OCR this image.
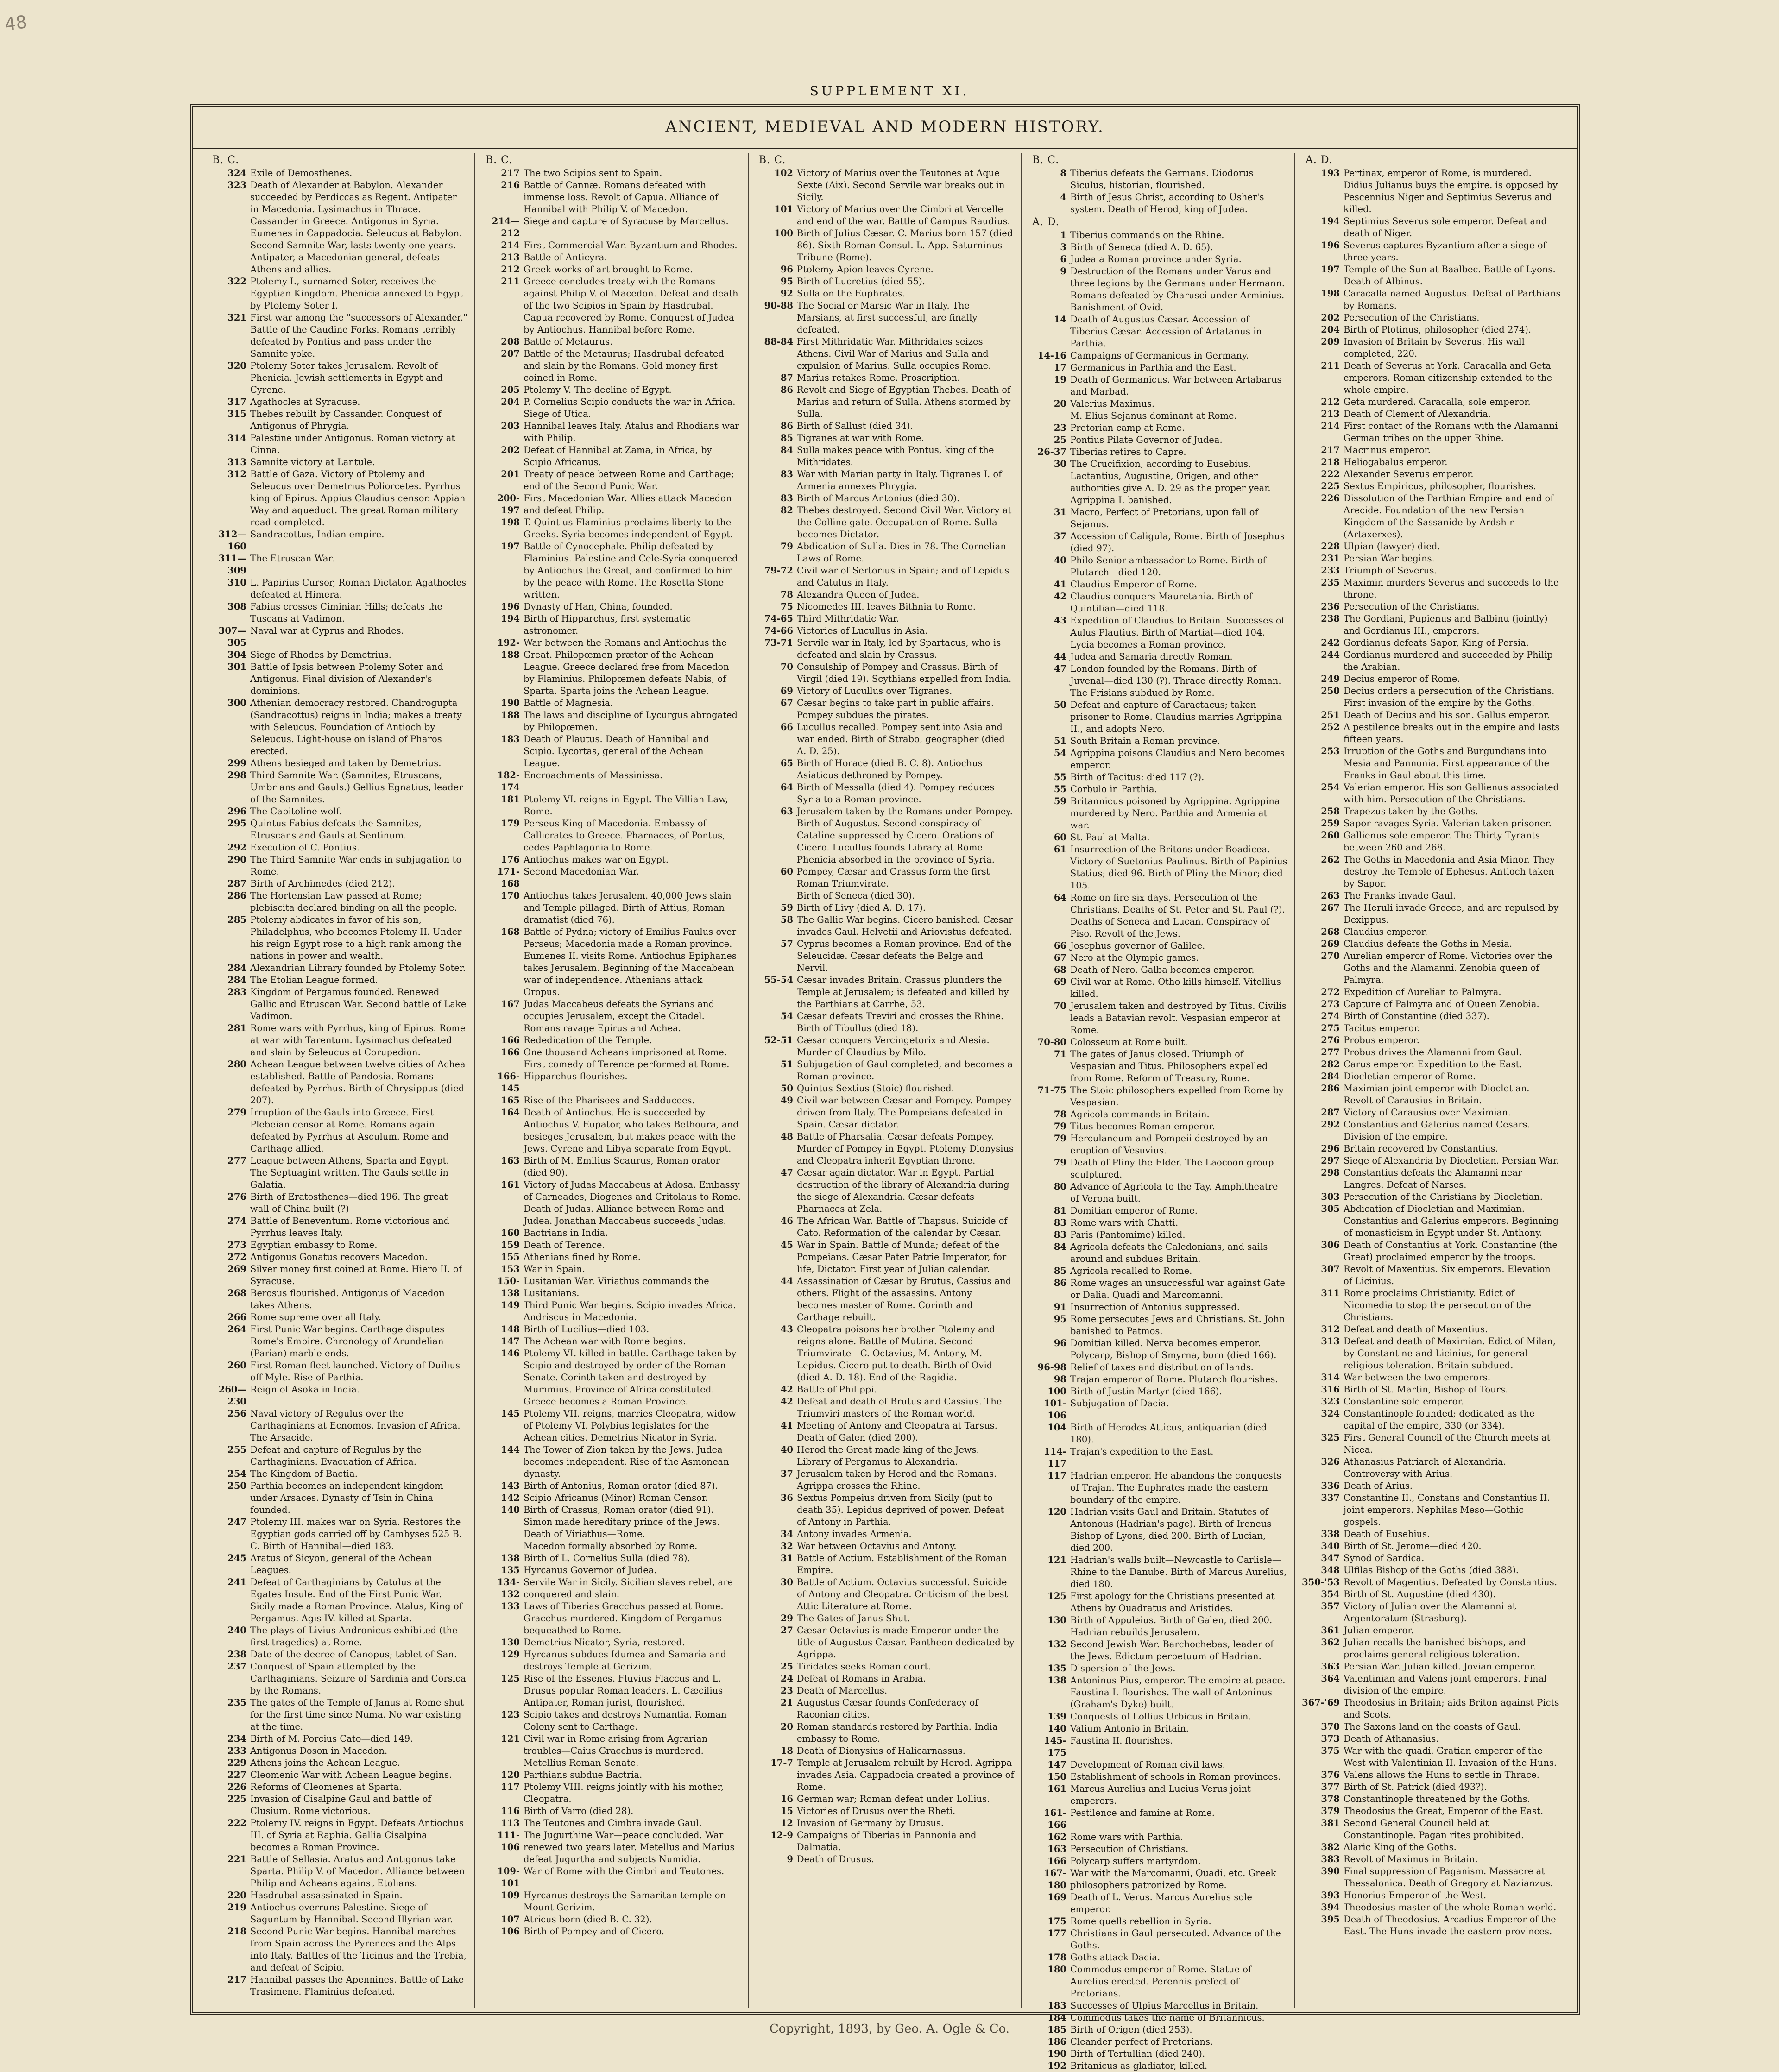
48
SUPPLEMENT XI.
ANCIENT, MEDIEVAL AND MODERN HISTORY.
B. C.
324 Exile of Demosthenes.
323 Death of Alexander at Babylon. Alexander succeeded by Perdiccas as Regent. Antipater in Macedonia. Lysimachus in Thrace. Cassander in Greece. Antigonus in Syria. Eumenes in Cappadocia. Seleucus at Babylon.
Second Samnite War, lasts twenty-one years.
Antipater, a Macedonian general, defeats Athens and allies.
322 Ptolemy I., surnamed Soter, receives the Egyptian Kingdom. Phenicia annexed to Egypt by Ptolemy Soter I.
321 First war among the "successors of Alexander." Battle of the Caudine Forks. Romans terribly defeated by Pontius and pass under the Samnite yoke.
320 Ptolemy Soter takes Jerusalem. Revolt of Phenicia. Jewish settlements in Egypt and Cyrene.
317 Agathocles at Syracuse.
315 Thebes rebuilt by Cassander. Conquest of Antigonus of Phrygia.
314 Palestine under Antigonus. Roman victory at Cinna.
313 Samnite victory at Lantule.
312 Battle of Gaza. Victory of Ptolemy and Seleucus over Demetrius Poliorcetes. Pyrrhus king of Epirus. Appius Claudius censor. Appian Way and aqueduct. The great Roman military road completed.
312—160
Sandracottus, Indian empire.
311—309
The Etruscan War.
310 L. Papirius Cursor, Roman Dictator. Agathocles defeated at Himera.
308 Fabius crosses Ciminian Hills; defeats the Tuscans at Vadimon.
307—305
Naval war at Cyprus and Rhodes.
304 Siege of Rhodes by Demetrius.
301 Battle of Ipsis between Ptolemy Soter and Antigonus. Final division of Alexander's dominions.
300 Athenian democracy restored. Chandrogupta (Sandracottus) reigns in India; makes a treaty with Seleucus. Foundation of Antioch by Seleucus. Light-house on island of Pharos erected.
299 Athens besieged and taken by Demetrius.
298 Third Samnite War. (Samnites, Etruscans, Umbrians and Gauls.) Gellius Egnatius, leader of the Samnites.
296 The Capitoline wolf.
295 Quintus Fabius defeats the Samnites, Etruscans and Gauls at Sentinum.
292 Execution of C. Pontius.
290 The Third Samnite War ends in subjugation to Rome.
287 Birth of Archimedes (died 212).
286 The Hortensian Law passed at Rome; plebiscita declared binding on all the people.
285 Ptolemy abdicates in favor of his son, Philadelphus, who becomes Ptolemy II. Under his reign Egypt rose to a high rank among the nations in power and wealth.
284 Alexandrian Library founded by Ptolemy Soter.
284 The Etolian League formed.
283 Kingdom of Pergamus founded. Renewed Gallic and Etruscan War. Second battle of Lake Vadimon.
281 Rome wars with Pyrrhus, king of Epirus. Rome at war with Tarentum. Lysimachus defeated and slain by Seleucus at Corupedion.
280 Achean League between twelve cities of Achea established. Battle of Pandosia. Romans defeated by Pyrrhus. Birth of Chrysippus (died 207).
279 Irruption of the Gauls into Greece. First Plebeian censor at Rome. Romans again defeated by Pyrrhus at Asculum. Rome and Carthage allied.
277 League between Athens, Sparta and Egypt. The Septuagint written. The Gauls settle in Galatia.
276 Birth of Eratosthenes—died 196. The great wall of China built (?)
274 Battle of Beneventum. Rome victorious and Pyrrhus leaves Italy.
273 Egyptian embassy to Rome.
272 Antigonus Gonatus recovers Macedon.
269 Silver money first coined at Rome. Hiero II. of Syracuse.
268 Berosus flourished. Antigonus of Macedon takes Athens.
266 Rome supreme over all Italy.
264 First Punic War begins. Carthage disputes Rome's Empire. Chronology of Arundelian (Parian) marble ends.
260 First Roman fleet launched. Victory of Duilius off Myle. Rise of Parthia.
260—230
Reign of Asoka in India.
256 Naval victory of Regulus over the Carthaginians at Ecnomos. Invasion of Africa. The Arsacide.
255 Defeat and capture of Regulus by the Carthaginians. Evacuation of Africa.
254 The Kingdom of Bactia.
250 Parthia becomes an independent kingdom under Arsaces. Dynasty of Tsin in China founded.
247 Ptolemy III. makes war on Syria. Restores the Egyptian gods carried off by Cambyses 525 B. C. Birth of Hannibal—died 183.
245 Aratus of Sicyon, general of the Achean Leagues.
241 Defeat of Carthaginians by Catulus at the Egates Insule. End of the First Punic War. Sicily made a Roman Province. Atalus, King of Pergamus. Agis IV. killed at Sparta.
240 The plays of Livius Andronicus exhibited (the first tragedies) at Rome.
238 Date of the decree of Canopus; tablet of San.
237 Conquest of Spain attempted by the Carthaginians. Seizure of Sardinia and Corsica by the Romans.
235 The gates of the Temple of Janus at Rome shut for the first time since Numa. No war existing at the time.
234 Birth of M. Porcius Cato—died 149.
233 Antigonus Doson in Macedon.
229 Athens joins the Achean League.
227 Cleomenic War with Achean League begins.
226 Reforms of Cleomenes at Sparta.
225 Invasion of Cisalpine Gaul and battle of Clusium. Rome victorious.
222 Ptolemy IV. reigns in Egypt. Defeats Antiochus III. of Syria at Raphia. Gallia Cisalpina becomes a Roman Province.
221 Battle of Sellasia. Aratus and Antigonus take Sparta. Philip V. of Macedon. Alliance between Philip and Acheans against Etolians.
220 Hasdrubal assassinated in Spain.
219 Antiochus overruns Palestine. Siege of Saguntum by Hannibal. Second Illyrian war.
218 Second Punic War begins. Hannibal marches from Spain across the Pyrenees and the Alps into Italy. Battles of the Ticinus and the Trebia, and defeat of Scipio.
217 Hannibal passes the Apennines. Battle of Lake Trasimene. Flaminius defeated.
B. C.
217 The two Scipios sent to Spain.
216 Battle of Cannæ. Romans defeated with immense loss. Revolt of Capua. Alliance of Hannibal with Philip V. of Macedon.
214—212
Siege and capture of Syracuse by Marcellus.
214 First Commercial War. Byzantium and Rhodes.
213 Battle of Anticyra.
212 Greek works of art brought to Rome.
211 Greece concludes treaty with the Romans against Philip V. of Macedon. Defeat and death of the two Scipios in Spain by Hasdrubal. Capua recovered by Rome. Conquest of Judea by Antiochus. Hannibal before Rome.
208 Battle of Metaurus.
207 Battle of the Metaurus; Hasdrubal defeated and slain by the Romans. Gold money first coined in Rome.
205 Ptolemy V. The decline of Egypt.
204 P. Cornelius Scipio conducts the war in Africa. Siege of Utica.
203 Hannibal leaves Italy. Atalus and Rhodians war with Philip.
202 Defeat of Hannibal at Zama, in Africa, by Scipio Africanus.
201 Treaty of peace between Rome and Carthage; end of the Second Punic War.
200-197
First Macedonian War. Allies attack Macedon and defeat Philip.
198 T. Quintius Flaminius proclaims liberty to the Greeks. Syria becomes independent of Egypt.
197 Battle of Cynocephale. Philip defeated by Flaminius. Palestine and Cele-Syria conquered by Antiochus the Great, and confirmed to him by the peace with Rome. The Rosetta Stone written.
196 Dynasty of Han, China, founded.
194 Birth of Hipparchus, first systematic astronomer.
192-188
War between the Romans and Antiochus the Great. Philopœmen prætor of the Achean League. Greece declared free from Macedon by Flaminius. Philopœmen defeats Nabis, of Sparta. Sparta joins the Achean League.
190 Battle of Magnesia.
188 The laws and discipline of Lycurgus abrogated by Philopœmen.
183 Death of Plautus. Death of Hannibal and Scipio. Lycortas, general of the Achean League.
182-174
Encroachments of Massinissa.
181 Ptolemy VI. reigns in Egypt. The Villian Law, Rome.
179 Perseus King of Macedonia. Embassy of Callicrates to Greece. Pharnaces, of Pontus, cedes Paphlagonia to Rome.
176 Antiochus makes war on Egypt.
171-168
Second Macedonian War.
170 Antiochus takes Jerusalem. 40,000 Jews slain and Temple pillaged. Birth of Attius, Roman dramatist (died 76).
168 Battle of Pydna; victory of Emilius Paulus over Perseus; Macedonia made a Roman province. Eumenes II. visits Rome. Antiochus Epiphanes takes Jerusalem. Beginning of the Maccabean war of independence. Athenians attack Oropus.
167 Judas Maccabeus defeats the Syrians and occupies Jerusalem, except the Citadel. Romans ravage Epirus and Achea.
166 Rededication of the Temple.
166 One thousand Acheans imprisoned at Rome. First comedy of Terence performed at Rome.
166-145
Hipparchus flourishes.
165 Rise of the Pharisees and Sadducees.
164 Death of Antiochus. He is succeeded by Antiochus V. Eupator, who takes Bethoura, and besieges Jerusalem, but makes peace with the Jews. Cyrene and Libya separate from Egypt.
163 Birth of M. Emilius Scaurus, Roman orator (died 90).
161 Victory of Judas Maccabeus at Adosa. Embassy of Carneades, Diogenes and Critolaus to Rome. Death of Judas. Alliance between Rome and Judea. Jonathan Maccabeus succeeds Judas.
160 Bactrians in India.
159 Death of Terence.
155 Athenians fined by Rome.
153 War in Spain.
150-138
Lusitanian War. Viriathus commands the Lusitanians.
149 Third Punic War begins. Scipio invades Africa. Andriscus in Macedonia.
148 Birth of Lucilius—died 103.
147 The Achean war with Rome begins.
146 Ptolemy VI. killed in battle. Carthage taken by Scipio and destroyed by order of the Roman Senate. Corinth taken and destroyed by Mummius. Province of Africa constituted. Greece becomes a Roman Province.
145 Ptolemy VII. reigns, marries Cleopatra, widow of Ptolemy VI. Polybius legislates for the Achean cities. Demetrius Nicator in Syria.
144 The Tower of Zion taken by the Jews. Judea becomes independent. Rise of the Asmonean dynasty.
143 Birth of Antonius, Roman orator (died 87).
142 Scipio Africanus (Minor) Roman Censor.
140 Birth of Crassus, Roman orator (died 91). Simon made hereditary prince of the Jews. Death of Viriathus—Rome.
Macedon formally absorbed by Rome.
138 Birth of L. Cornelius Sulla (died 78).
135 Hyrcanus Governor of Judea.
134-132
Servile War in Sicily. Sicilian slaves rebel, are conquered and slain.
133 Laws of Tiberias Gracchus passed at Rome. Gracchus murdered. Kingdom of Pergamus bequeathed to Rome.
130 Demetrius Nicator, Syria, restored.
129 Hyrcanus subdues Idumea and Samaria and destroys Temple at Gerizim.
125 Rise of the Essenes. Fluvius Flaccus and L. Drusus popular Roman leaders. L. Cæcilius Antipater, Roman jurist, flourished.
123 Scipio takes and destroys Numantia. Roman Colony sent to Carthage.
121 Civil war in Rome arising from Agrarian troubles—Caius Gracchus is murdered. Metellius Roman Senate.
120 Parthians subdue Bactria.
117 Ptolemy VIII. reigns jointly with his mother, Cleopatra.
116 Birth of Varro (died 28).
113 The Teutones and Cimbra invade Gaul.
111-106
The Jugurthine War—peace concluded. War renewed two years later. Metellus and Marius defeat Jugurtha and subjects Numidia.
109-101
War of Rome with the Cimbri and Teutones.
109 Hyrcanus destroys the Samaritan temple on Mount Gerizim.
107 Atricus born (died B. C. 32).
106 Birth of Pompey and of Cicero.
B. C.
102 Victory of Marius over the Teutones at Aque Sexte (Aix). Second Servile war breaks out in Sicily.
101 Victory of Marius over the Cimbri at Vercelle and end of the war. Battle of Campus Raudius.
100 Birth of Julius Cæsar. C. Marius born 157 (died 86). Sixth Roman Consul. L. App. Saturninus Tribune (Rome).
96 Ptolemy Apion leaves Cyrene.
95 Birth of Lucretius (died 55).
92 Sulla on the Euphrates.
90-88 The Social or Marsic War in Italy. The Marsians, at first successful, are finally defeated.
88-84 First Mithridatic War. Mithridates seizes Athens. Civil War of Marius and Sulla and expulsion of Marius. Sulla occupies Rome.
87 Marius retakes Rome. Proscription.
86 Revolt and Siege of Egyptian Thebes. Death of Marius and return of Sulla. Athens stormed by Sulla.
86 Birth of Sallust (died 34).
85 Tigranes at war with Rome.
84 Sulla makes peace with Pontus, king of the Mithridates.
83 War with Marian party in Italy. Tigranes I. of Armenia annexes Phrygia.
83 Birth of Marcus Antonius (died 30).
82 Thebes destroyed. Second Civil War. Victory at the Colline gate. Occupation of Rome. Sulla becomes Dictator.
79 Abdication of Sulla. Dies in 78. The Cornelian Laws of Rome.
79-72 Civil war of Sertorius in Spain; and of Lepidus and Catulus in Italy.
78 Alexandra Queen of Judea.
75 Nicomedes III. leaves Bithnia to Rome.
74-65 Third Mithridatic War.
74-66 Victories of Lucullus in Asia.
73-71 Servile war in Italy, led by Spartacus, who is defeated and slain by Crassus.
70 Consulship of Pompey and Crassus. Birth of Virgil (died 19). Scythians expelled from India.
69 Victory of Lucullus over Tigranes.
67 Cæsar begins to take part in public affairs. Pompey subdues the pirates.
66 Lucullus recalled. Pompey sent into Asia and war ended. Birth of Strabo, geographer (died A. D. 25).
65 Birth of Horace (died B. C. 8). Antiochus Asiaticus dethroned by Pompey.
64 Birth of Messalla (died 4). Pompey reduces Syria to a Roman province.
63 Jerusalem taken by the Romans under Pompey. Birth of Augustus. Second conspiracy of Cataline suppressed by Cicero. Orations of Cicero. Lucullus founds Library at Rome. Phenicia absorbed in the province of Syria.
60 Pompey, Cæsar and Crassus form the first Roman Triumvirate.
Birth of Seneca (died 30).
59 Birth of Livy (died A. D. 17).
58 The Gallic War begins. Cicero banished. Cæsar invades Gaul. Helvetii and Ariovistus defeated.
57 Cyprus becomes a Roman province. End of the Seleucidæ. Cæsar defeats the Belge and Nervil.
55-54 Cæsar invades Britain. Crassus plunders the Temple at Jerusalem; is defeated and killed by the Parthians at Carrhe, 53.
54 Cæsar defeats Treviri and crosses the Rhine. Birth of Tibullus (died 18).
52-51 Cæsar conquers Vercingetorix and Alesia. Murder of Claudius by Milo.
51 Subjugation of Gaul completed, and becomes a Roman province.
50 Quintus Sextius (Stoic) flourished.
49 Civil war between Cæsar and Pompey. Pompey driven from Italy. The Pompeians defeated in Spain. Cæsar dictator.
48 Battle of Pharsalia. Cæsar defeats Pompey. Murder of Pompey in Egypt. Ptolemy Dionysius and Cleopatra inherit Egyptian throne.
47 Cæsar again dictator. War in Egypt. Partial destruction of the library of Alexandria during the siege of Alexandria. Cæsar defeats Pharnaces at Zela.
46 The African War. Battle of Thapsus. Suicide of Cato. Reformation of the calendar by Cæsar.
45 War in Spain. Battle of Munda; defeat of the Pompeians. Cæsar Pater Patrie Imperator, for life, Dictator. First year of Julian calendar.
44 Assassination of Cæsar by Brutus, Cassius and others. Flight of the assassins. Antony becomes master of Rome. Corinth and Carthage rebuilt.
43 Cleopatra poisons her brother Ptolemy and reigns alone. Battle of Mutina. Second Triumvirate—C. Octavius, M. Antony, M. Lepidus. Cicero put to death. Birth of Ovid (died A. D. 18). End of the Ragidia.
42 Battle of Philippi.
42 Defeat and death of Brutus and Cassius. The Triumviri masters of the Roman world.
41 Meeting of Antony and Cleopatra at Tarsus. Death of Galen (died 200).
40 Herod the Great made king of the Jews. Library of Pergamus to Alexandria.
37 Jerusalem taken by Herod and the Romans. Agrippa crosses the Rhine.
36 Sextus Pompeius driven from Sicily (put to death 35). Lepidus deprived of power. Defeat of Antony in Parthia.
34 Antony invades Armenia.
32 War between Octavius and Antony.
31 Battle of Actium. Establishment of the Roman Empire.
30 Battle of Actium. Octavius successful. Suicide of Antony and Cleopatra. Criticism of the best Attic Literature at Rome.
29 The Gates of Janus Shut.
27 Cæsar Octavius is made Emperor under the title of Augustus Cæsar. Pantheon dedicated by Agrippa.
25 Tiridates seeks Roman court.
24 Defeat of Romans in Arabia.
23 Death of Marcellus.
21 Augustus Cæsar founds Confederacy of Raconian cities.
20 Roman standards restored by Parthia. India embassy to Rome.
18 Death of Dionysius of Halicarnassus.
17-7 Temple at Jerusalem rebuilt by Herod. Agrippa invades Asia. Cappadocia created a province of Rome.
16 German war; Roman defeat under Lollius.
15 Victories of Drusus over the Rheti.
12 Invasion of Germany by Drusus.
12-9 Campaigns of Tiberias in Pannonia and Dalmatia.
9 Death of Drusus.
B. C.
8 Tiberius defeats the Germans. Diodorus Siculus, historian, flourished.
4 Birth of Jesus Christ, according to Usher's system. Death of Herod, king of Judea.
A. D.
1 Tiberius commands on the Rhine.
3 Birth of Seneca (died A. D. 65).
6 Judea a Roman province under Syria.
9 Destruction of the Romans under Varus and three legions by the Germans under Hermann. Romans defeated by Charusci under Arminius. Banishment of Ovid.
14 Death of Augustus Cæsar. Accession of Tiberius Cæsar. Accession of Artatanus in Parthia.
14-16 Campaigns of Germanicus in Germany.
17 Germanicus in Parthia and the East.
19 Death of Germanicus. War between Artabarus and Marbad.
20 Valerius Maximus.
M. Elius Sejanus dominant at Rome.
23 Pretorian camp at Rome.
25 Pontius Pilate Governor of Judea.
26-37 Tiberias retires to Capre.
30 The Crucifixion, according to Eusebius. Lactantius, Augustine, Origen, and other authorities give A. D. 29 as the proper year. Agrippina I. banished.
31 Macro, Perfect of Pretorians, upon fall of Sejanus.
37 Accession of Caligula, Rome. Birth of Josephus (died 97).
40 Philo Senior ambassador to Rome. Birth of Plutarch—died 120.
41 Claudius Emperor of Rome.
42 Claudius conquers Mauretania. Birth of Quintilian—died 118.
43 Expedition of Claudius to Britain. Successes of Aulus Plautius. Birth of Martial—died 104. Lycia becomes a Roman province.
44 Judea and Samaria directly Roman.
47 London founded by the Romans. Birth of Juvenal—died 130 (?). Thrace directly Roman. The Frisians subdued by Rome.
50 Defeat and capture of Caractacus; taken prisoner to Rome. Claudius marries Agrippina II., and adopts Nero.
51 South Britain a Roman province.
54 Agrippina poisons Claudius and Nero becomes emperor.
55 Birth of Tacitus; died 117 (?).
55 Corbulo in Parthia.
59 Britannicus poisoned by Agrippina. Agrippina murdered by Nero. Parthia and Armenia at war.
60 St. Paul at Malta.
61 Insurrection of the Britons under Boadicea. Victory of Suetonius Paulinus. Birth of Papinius Statius; died 96. Birth of Pliny the Minor; died 105.
64 Rome on fire six days. Persecution of the Christians. Deaths of St. Peter and St. Paul (?). Deaths of Seneca and Lucan. Conspiracy of Piso. Revolt of the Jews.
66 Josephus governor of Galilee.
67 Nero at the Olympic games.
68 Death of Nero. Galba becomes emperor.
69 Civil war at Rome. Otho kills himself. Vitellius killed.
70 Jerusalem taken and destroyed by Titus. Civilis leads a Batavian revolt. Vespasian emperor at Rome.
70-80 Colosseum at Rome built.
71 The gates of Janus closed. Triumph of Vespasian and Titus. Philosophers expelled from Rome. Reform of Treasury, Rome.
71-75 The Stoic philosophers expelled from Rome by Vespasian.
78 Agricola commands in Britain.
79 Titus becomes Roman emperor.
79 Herculaneum and Pompeii destroyed by an eruption of Vesuvius.
79 Death of Pliny the Elder. The Laocoon group sculptured.
80 Advance of Agricola to the Tay. Amphitheatre of Verona built.
81 Domitian emperor of Rome.
83 Rome wars with Chatti.
83 Paris (Pantomime) killed.
84 Agricola defeats the Caledonians, and sails around and subdues Britain.
85 Agricola recalled to Rome.
86 Rome wages an unsuccessful war against Gate or Dalia. Quadi and Marcomanni.
91 Insurrection of Antonius suppressed.
95 Rome persecutes Jews and Christians. St. John banished to Patmos.
96 Domitian killed. Nerva becomes emperor. Polycarp, Bishop of Smyrna, born (died 166).
96-98 Relief of taxes and distribution of lands.
98 Trajan emperor of Rome. Plutarch flourishes.
100 Birth of Justin Martyr (died 166).
101-106
Subjugation of Dacia.
104 Birth of Herodes Atticus, antiquarian (died 180).
114-117
Trajan's expedition to the East.
117 Hadrian emperor. He abandons the conquests of Trajan. The Euphrates made the eastern boundary of the empire.
120 Hadrian visits Gaul and Britain. Statutes of Antonous (Hadrian's page). Birth of Ireneus Bishop of Lyons, died 200. Birth of Lucian, died 200.
121 Hadrian's walls built—Newcastle to Carlisle—Rhine to the Danube. Birth of Marcus Aurelius, died 180.
125 First apology for the Christians presented at Athens by Quadratus and Aristides.
130 Birth of Appuleius. Birth of Galen, died 200. Hadrian rebuilds Jerusalem.
132 Second Jewish War. Barchochebas, leader of the Jews. Edictum perpetuum of Hadrian.
135 Dispersion of the Jews.
138 Antoninus Pius, emperor. The empire at peace. Faustina I. flourishes. The wall of Antoninus (Graham's Dyke) built.
139 Conquests of Lollius Urbicus in Britain.
140 Valium Antonio in Britain.
145-175
Faustina II. flourishes.
147 Development of Roman civil laws.
150 Establishment of schools in Roman provinces.
161 Marcus Aurelius and Lucius Verus joint emperors.
161-166
Pestilence and famine at Rome.
162 Rome wars with Parthia.
163 Persecution of Christians.
166 Polycarp suffers martyrdom.
167-180
War with the Marcomanni, Quadi, etc. Greek philosophers patronized by Rome.
169 Death of L. Verus. Marcus Aurelius sole emperor.
175 Rome quells rebellion in Syria.
177 Christians in Gaul persecuted. Advance of the Goths.
178 Goths attack Dacia.
180 Commodus emperor of Rome. Statue of Aurelius erected. Perennis prefect of Pretorians.
183 Successes of Ulpius Marcellus in Britain.
184 Commodus takes the name of Britannicus.
185 Birth of Origen (died 253).
186 Cleander perfect of Pretorians.
190 Birth of Tertullian (died 240).
192 Britanicus as gladiator, killed.
A. D.
193 Pertinax, emperor of Rome, is murdered. Didius Julianus buys the empire. is opposed by Pescennius Niger and Septimius Severus and killed.
194 Septimius Severus sole emperor. Defeat and death of Niger.
196 Severus captures Byzantium after a siege of three years.
197 Temple of the Sun at Baalbec. Battle of Lyons. Death of Albinus.
198 Caracalla named Augustus. Defeat of Parthians by Romans.
202 Persecution of the Christians.
204 Birth of Plotinus, philosopher (died 274).
209 Invasion of Britain by Severus. His wall completed, 220.
211 Death of Severus at York. Caracalla and Geta emperors. Roman citizenship extended to the whole empire.
212 Geta murdered. Caracalla, sole emperor.
213 Death of Clement of Alexandria.
214 First contact of the Romans with the Alamanni German tribes on the upper Rhine.
217 Macrinus emperor.
218 Heliogabalus emperor.
222 Alexander Severus emperor.
225 Sextus Empiricus, philosopher, flourishes.
226 Dissolution of the Parthian Empire and end of Arecide. Foundation of the new Persian Kingdom of the Sassanide by Ardshir (Artaxerxes).
228 Ulpian (lawyer) died.
231 Persian War begins.
233 Triumph of Severus.
235 Maximin murders Severus and succeeds to the throne.
236 Persecution of the Christians.
238 The Gordiani, Pupienus and Balbinu (jointly) and Gordianus III., emperors.
242 Gordianus defeats Sapor, King of Persia.
244 Gordianus murdered and succeeded by Philip the Arabian.
249 Decius emperor of Rome.
250 Decius orders a persecution of the Christians. First invasion of the empire by the Goths.
251 Death of Decius and his son. Gallus emperor.
252 A pestilence breaks out in the empire and lasts fifteen years.
253 Irruption of the Goths and Burgundians into Mesia and Pannonia. First appearance of the Franks in Gaul about this time.
254 Valerian emperor. His son Gallienus associated with him. Persecution of the Christians.
258 Trapezus taken by the Goths.
259 Sapor ravages Syria. Valerian taken prisoner.
260 Gallienus sole emperor. The Thirty Tyrants between 260 and 268.
262 The Goths in Macedonia and Asia Minor. They destroy the Temple of Ephesus. Antioch taken by Sapor.
263 The Franks invade Gaul.
267 The Heruli invade Greece, and are repulsed by Dexippus.
268 Claudius emperor.
269 Claudius defeats the Goths in Mesia.
270 Aurelian emperor of Rome. Victories over the Goths and the Alamanni. Zenobia queen of Palmyra.
272 Expedition of Aurelian to Palmyra.
273 Capture of Palmyra and of Queen Zenobia.
274 Birth of Constantine (died 337).
275 Tacitus emperor.
276 Probus emperor.
277 Probus drives the Alamanni from Gaul.
282 Carus emperor. Expedition to the East.
284 Diocletian emperor of Rome.
286 Maximian joint emperor with Diocletian. Revolt of Carausius in Britain.
287 Victory of Carausius over Maximian.
292 Constantius and Galerius named Cesars. Division of the empire.
296 Britain recovered by Constantius.
297 Siege of Alexandria by Diocletian. Persian War.
298 Constantius defeats the Alamanni near Langres. Defeat of Narses.
303 Persecution of the Christians by Diocletian.
305 Abdication of Diocletian and Maximian. Constantius and Galerius emperors. Beginning of monasticism in Egypt under St. Anthony.
306 Death of Constantius at York. Constantine (the Great) proclaimed emperor by the troops.
307 Revolt of Maxentius. Six emperors. Elevation of Licinius.
311 Rome proclaims Christianity. Edict of Nicomedia to stop the persecution of the Christians.
312 Defeat and death of Maxentius.
313 Defeat and death of Maximian. Edict of Milan, by Constantine and Licinius, for general religious toleration. Britain subdued.
314 War between the two emperors.
316 Birth of St. Martin, Bishop of Tours.
323 Constantine sole emperor.
324 Constantinople founded; dedicated as the capital of the empire, 330 (or 334).
325 First General Council of the Church meets at Nicea.
326 Athanasius Patriarch of Alexandria. Controversy with Arius.
336 Death of Arius.
337 Constantine II., Constans and Constantius II. joint emperors. Nephilas Meso—Gothic gospels.
338 Death of Eusebius.
340 Birth of St. Jerome—died 420.
347 Synod of Sardica.
348 Ulfilas Bishop of the Goths (died 388).
350-'53 Revolt of Magentius. Defeated by Constantius.
354 Birth of St. Augustine (died 430).
357 Victory of Julian over the Alamanni at Argentoratum (Strasburg).
361 Julian emperor.
362 Julian recalls the banished bishops, and proclaims general religious toleration.
363 Persian War. Julian killed. Jovian emperor.
364 Valentinian and Valens joint emperors. Final division of the empire.
367-'69 Theodosius in Britain; aids Briton against Picts and Scots.
370 The Saxons land on the coasts of Gaul.
373 Death of Athanasius.
375 War with the quadi. Gratian emperor of the West with Valentinian II. Invasion of the Huns.
376 Valens allows the Huns to settle in Thrace.
377 Birth of St. Patrick (died 493?).
378 Constantinople threatened by the Goths.
379 Theodosius the Great, Emperor of the East.
381 Second General Council held at Constantinople. Pagan rites prohibited.
382 Alaric King of the Goths.
383 Revolt of Maximus in Britain.
390 Final suppression of Paganism. Massacre at Thessalonica. Death of Gregory at Nazianzus.
393 Honorius Emperor of the West.
394 Theodosius master of the whole Roman world.
395 Death of Theodosius. Arcadius Emperor of the East. The Huns invade the eastern provinces.
Copyright, 1893, by Geo. A. Ogle & Co.
